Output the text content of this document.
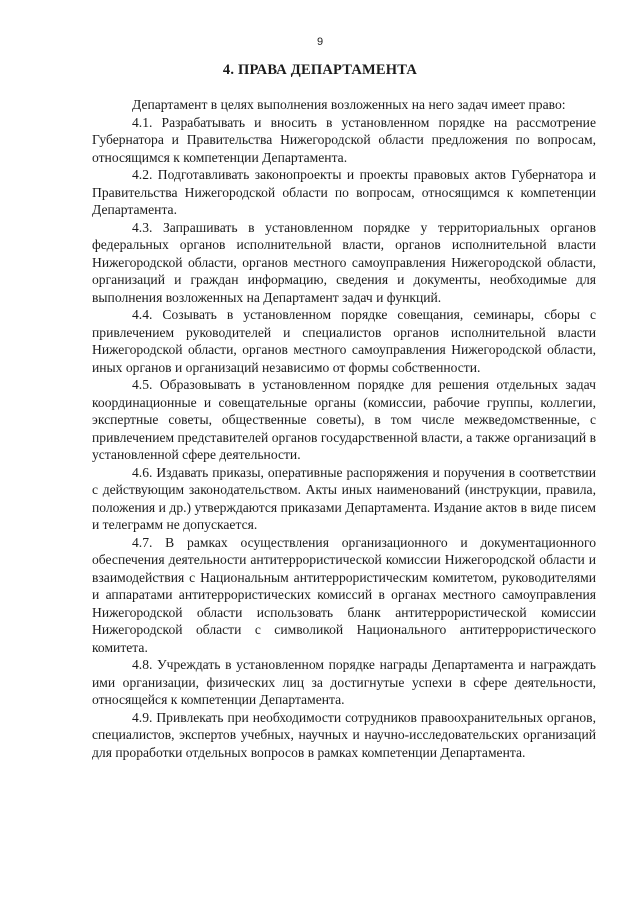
9
4. ПРАВА ДЕПАРТАМЕНТА

Департамент в целях выполнения возложенных на него задач имеет право:

4.1. Разрабатывать и вносить в установленном порядке на рассмотрение Губернатора и Правительства Нижегородской области предложения по вопросам, относящимся к компетенции Департамента.

4.2. Подготавливать законопроекты и проекты правовых актов Губернатора и Правительства Нижегородской области по вопросам, относящимся к компетенции Департамента.

4.3. Запрашивать в установленном порядке у территориальных органов федеральных органов исполнительной власти, органов исполнительной власти Нижегородской области, органов местного самоуправления Нижегородской области, организаций и граждан информацию, сведения и документы, необходимые для выполнения возложенных на Департамент задач и функций.

4.4. Созывать в установленном порядке совещания, семинары, сборы с привлечением руководителей и специалистов органов исполнительной власти Нижегородской области, органов местного самоуправления Нижегородской области, иных органов и организаций независимо от формы собственности.

4.5. Образовывать в установленном порядке для решения отдельных задач координационные и совещательные органы (комиссии, рабочие группы, коллегии, экспертные советы, общественные советы), в том числе межведомственные, с привлечением представителей органов государственной власти, а также организаций в установленной сфере деятельности.

4.6. Издавать приказы, оперативные распоряжения и поручения в соответствии с действующим законодательством. Акты иных наименований (инструкции, правила, положения и др.) утверждаются приказами Департамента. Издание актов в виде писем и телеграмм не допускается.

4.7. В рамках осуществления организационного и документационного обеспечения деятельности антитеррористической комиссии Нижегородской области и взаимодействия с Национальным антитеррористическим комитетом, руководителями и аппаратами антитеррористических комиссий в органах местного самоуправления Нижегородской области использовать бланк антитеррористической комиссии Нижегородской области с символикой Национального антитеррористического комитета.

4.8. Учреждать в установленном порядке награды Департамента и награждать ими организации, физических лиц за достигнутые успехи в сфере деятельности, относящейся к компетенции Департамента.

4.9. Привлекать при необходимости сотрудников правоохранительных органов, специалистов, экспертов учебных, научных и научно-исследовательских организаций для проработки отдельных вопросов в рамках компетенции Департамента.
